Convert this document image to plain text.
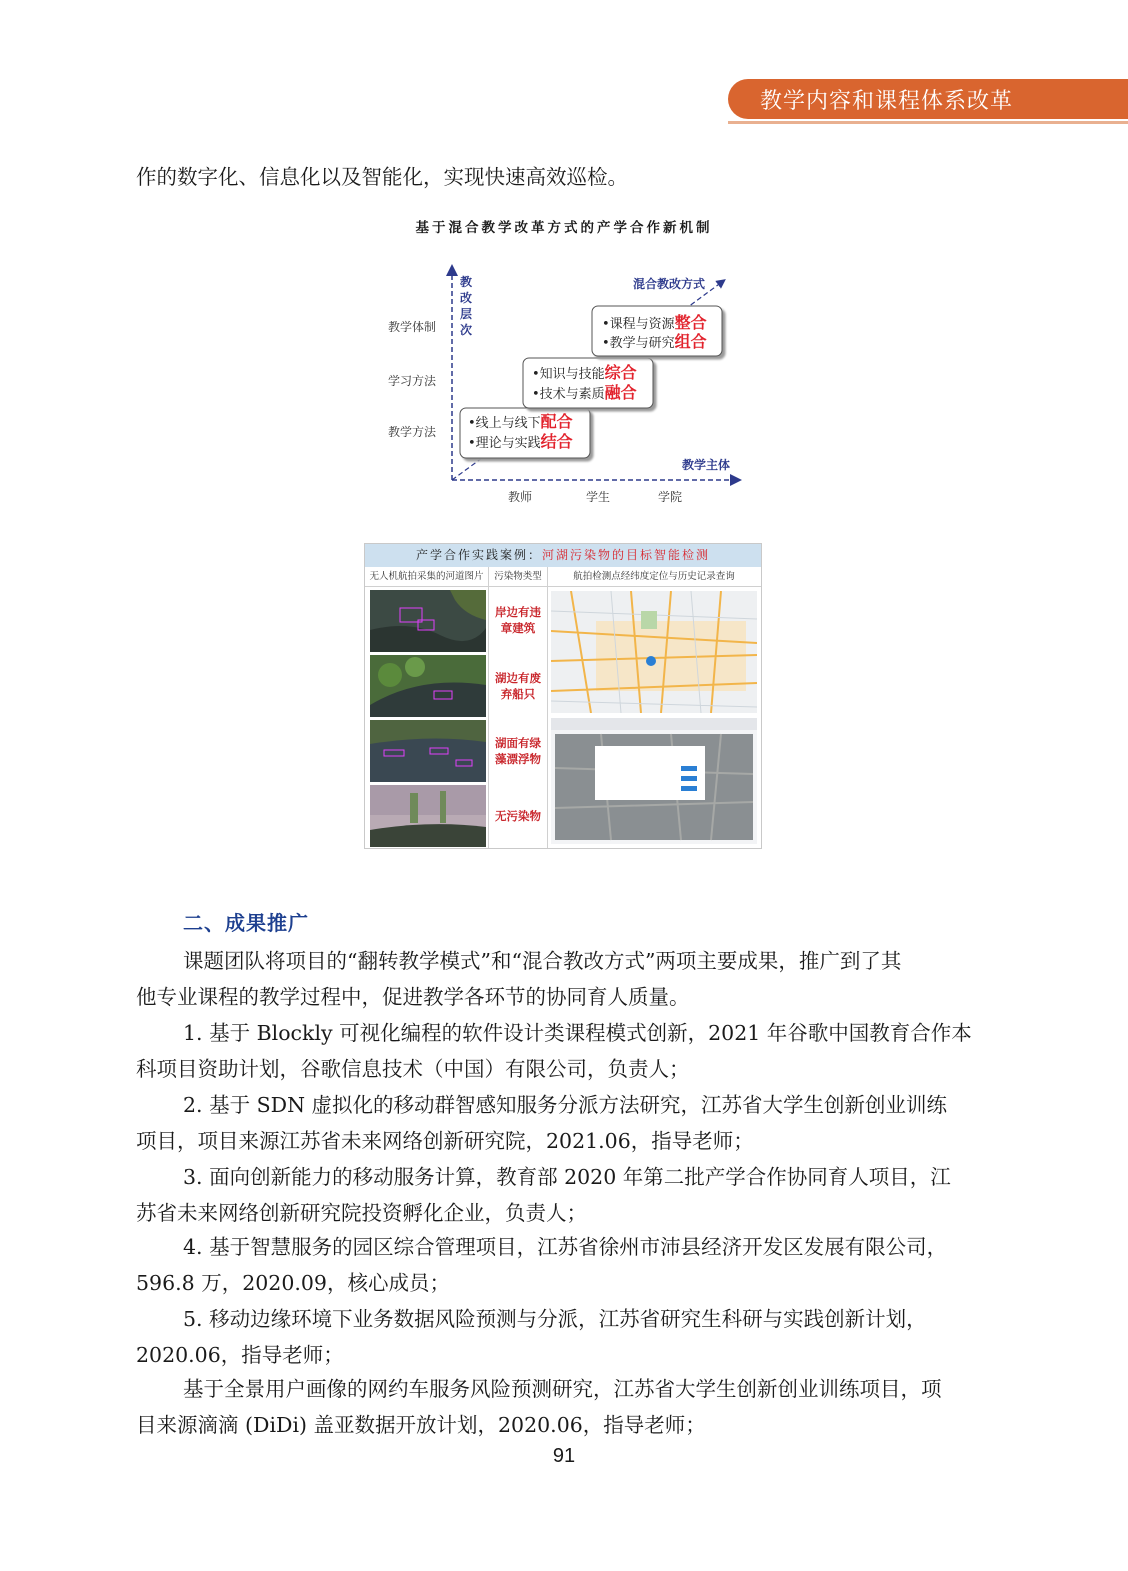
教学内容和课程体系改革
作的数字化、信息化以及智能化，实现快速高效巡检。
基于混合教学改革方式的产学合作新机制
教
改
层
次
混合教改方式
教学主体
教学体制
学习方法
教学方法
教师	学生	学院
•线上与线下配合
•理论与实践结合
•知识与技能综合
•技术与素质融合
•课程与资源整合
•教学与研究组合
产学合作实践案例：河湖污染物的目标智能检测
无人机航拍采集的河道图片	污染物类型	航拍检测点经纬度定位与历史记录查询
岸边有违
章建筑
湖边有废
弃船只
湖面有绿
藻漂浮物
无污染物
二、成果推广
课题团队将项目的“翻转教学模式”和“混合教改方式”两项主要成果，推广到了其
他专业课程的教学过程中，促进教学各环节的协同育人质量。
1. 基于 Blockly 可视化编程的软件设计类课程模式创新，2021 年谷歌中国教育合作本
科项目资助计划，谷歌信息技术（中国）有限公司，负责人；
2. 基于 SDN 虚拟化的移动群智感知服务分派方法研究，江苏省大学生创新创业训练
项目，项目来源江苏省未来网络创新研究院，2021.06，指导老师；
3. 面向创新能力的移动服务计算，教育部 2020 年第二批产学合作协同育人项目，江
苏省未来网络创新研究院投资孵化企业，负责人；
4. 基于智慧服务的园区综合管理项目，江苏省徐州市沛县经济开发区发展有限公司，
596.8 万，2020.09，核心成员；
5. 移动边缘环境下业务数据风险预测与分派，江苏省研究生科研与实践创新计划，
2020.06，指导老师；
基于全景用户画像的网约车服务风险预测研究，江苏省大学生创新创业训练项目，项
目来源滴滴 (DiDi) 盖亚数据开放计划，2020.06，指导老师；
91
